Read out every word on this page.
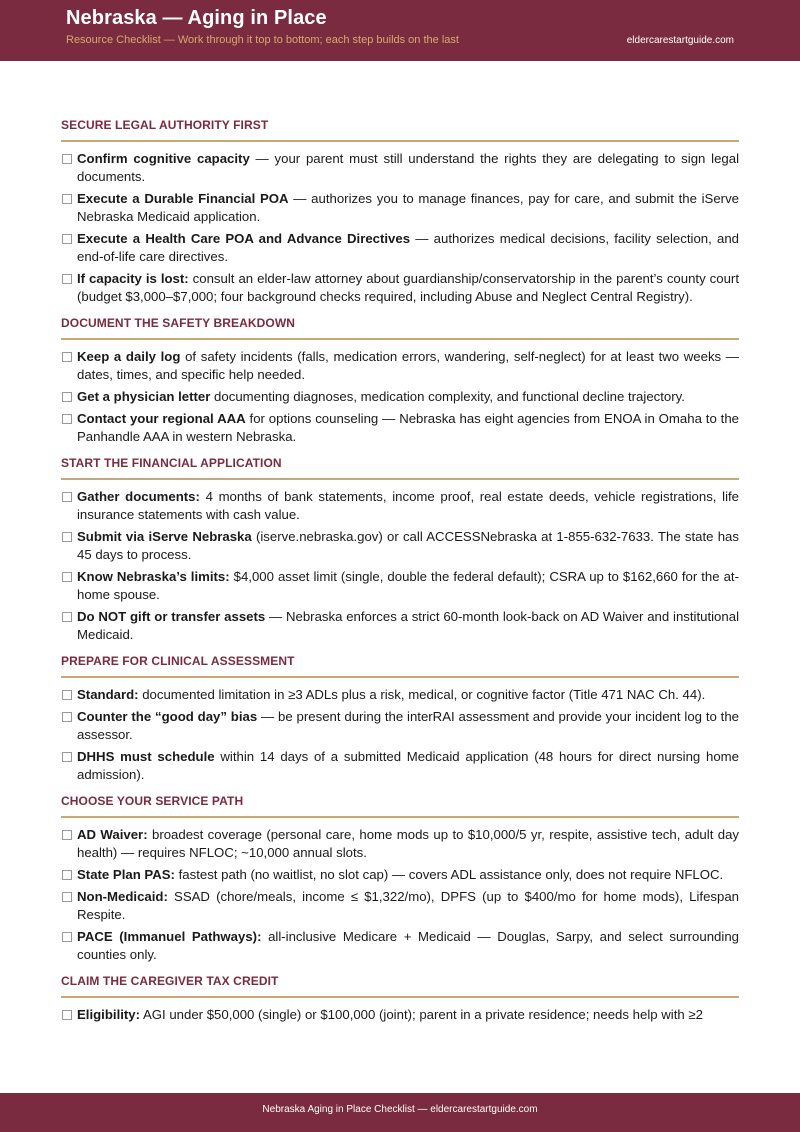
Nebraska — Aging in Place
Resource Checklist — Work through it top to bottom; each step builds on the last	eldercarestartguide.com
SECURE LEGAL AUTHORITY FIRST
Confirm cognitive capacity — your parent must still understand the rights they are delegating to sign legal documents.
Execute a Durable Financial POA — authorizes you to manage finances, pay for care, and submit the iServe Nebraska Medicaid application.
Execute a Health Care POA and Advance Directives — authorizes medical decisions, facility selection, and end-of-life care directives.
If capacity is lost: consult an elder-law attorney about guardianship/conservatorship in the parent’s county court (budget $3,000–$7,000; four background checks required, including Abuse and Neglect Central Registry).
DOCUMENT THE SAFETY BREAKDOWN
Keep a daily log of safety incidents (falls, medication errors, wandering, self-neglect) for at least two weeks — dates, times, and specific help needed.
Get a physician letter documenting diagnoses, medication complexity, and functional decline trajectory.
Contact your regional AAA for options counseling — Nebraska has eight agencies from ENOA in Omaha to the Panhandle AAA in western Nebraska.
START THE FINANCIAL APPLICATION
Gather documents: 4 months of bank statements, income proof, real estate deeds, vehicle registrations, life insurance statements with cash value.
Submit via iServe Nebraska (iserve.nebraska.gov) or call ACCESSNebraska at 1-855-632-7633. The state has 45 days to process.
Know Nebraska’s limits: $4,000 asset limit (single, double the federal default); CSRA up to $162,660 for the at-home spouse.
Do NOT gift or transfer assets — Nebraska enforces a strict 60-month look-back on AD Waiver and institutional Medicaid.
PREPARE FOR CLINICAL ASSESSMENT
Standard: documented limitation in ≥3 ADLs plus a risk, medical, or cognitive factor (Title 471 NAC Ch. 44).
Counter the “good day” bias — be present during the interRAI assessment and provide your incident log to the assessor.
DHHS must schedule within 14 days of a submitted Medicaid application (48 hours for direct nursing home admission).
CHOOSE YOUR SERVICE PATH
AD Waiver: broadest coverage (personal care, home mods up to $10,000/5 yr, respite, assistive tech, adult day health) — requires NFLOC; ~10,000 annual slots.
State Plan PAS: fastest path (no waitlist, no slot cap) — covers ADL assistance only, does not require NFLOC.
Non-Medicaid: SSAD (chore/meals, income ≤ $1,322/mo), DPFS (up to $400/mo for home mods), Lifespan Respite.
PACE (Immanuel Pathways): all-inclusive Medicare + Medicaid — Douglas, Sarpy, and select surrounding counties only.
CLAIM THE CAREGIVER TAX CREDIT
Eligibility: AGI under $50,000 (single) or $100,000 (joint); parent in a private residence; needs help with ≥2
Nebraska Aging in Place Checklist — eldercarestartguide.com
